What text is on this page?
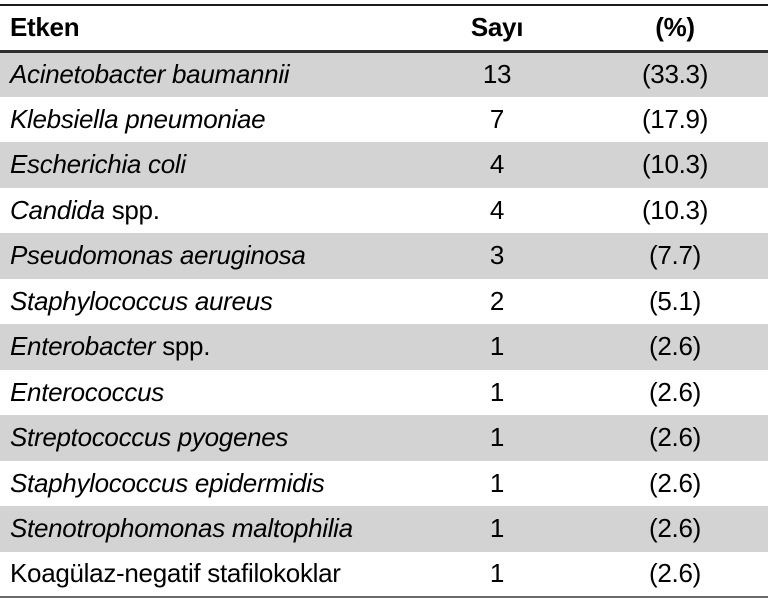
Etken	Sayı	(%)
Acinetobacter baumannii	13	(33.3)
Klebsiella pneumoniae	7	(17.9)
Escherichia coli	4	(10.3)
Candida spp.	4	(10.3)
Pseudomonas aeruginosa	3	(7.7)
Staphylococcus aureus	2	(5.1)
Enterobacter spp.	1	(2.6)
Enterococcus	1	(2.6)
Streptococcus pyogenes	1	(2.6)
Staphylococcus epidermidis	1	(2.6)
Stenotrophomonas maltophilia	1	(2.6)
Koagülaz-negatif stafilokoklar	1	(2.6)
